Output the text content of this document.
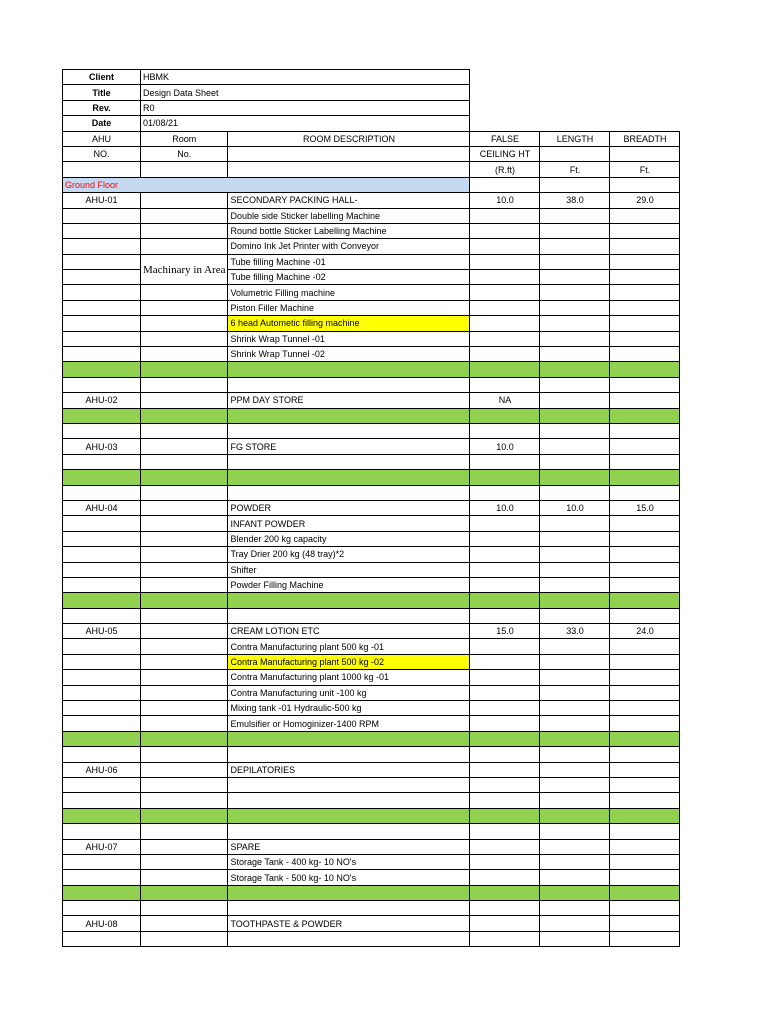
Client	HBMK				
Title	Design Data Sheet				
Rev.	R0				
Date	01/08/21				
AHU	Room	ROOM DESCRIPTION	FALSE	LENGTH	BREADTH
NO.	No.		CEILING HT		
			(R.ft)	Ft.	Ft.
Ground Floor					
AHU-01		SECONDARY PACKING HALL-	10.0	38.0	29.0
		Double side Sticker labelling Machine			
		Round bottle Sticker Labelling Machine			
		Domino Ink Jet Printer with Conveyor			
	Machinary in Area	Tube filling Machine -01			
		Tube filling Machine -02			
		Volumetric Filling machine			
		Piston Filler Machine			
		6 head Autometic filling machine			
		Shrink Wrap Tunnel -01			
		Shrink Wrap Tunnel -02			

AHU-02		PPM DAY STORE	NA		

AHU-03		FG STORE	10.0		

AHU-04		POWDER	10.0	10.0	15.0
		INFANT POWDER			
		Blender 200 kg capacity			
		Tray Drier 200 kg (48 tray)*2			
		Shifter			
		Powder Filling Machine			

AHU-05		CREAM LOTION ETC	15.0	33.0	24.0
		Contra Manufacturing plant 500 kg -01			
		Contra Manufacturing plant 500 kg -02			
		Contra Manufacturing plant 1000 kg -01			
		Contra Manufacturing unit -100 kg			
		Mixing tank -01 Hydraulic-500 kg			
		Emulsifier or Homoginizer-1400 RPM			

AHU-06		DEPILATORIES			

AHU-07		SPARE			
		Storage Tank - 400 kg- 10 NO's			
		Storage Tank - 500 kg- 10 NO's			

AHU-08		TOOTHPASTE & POWDER			
